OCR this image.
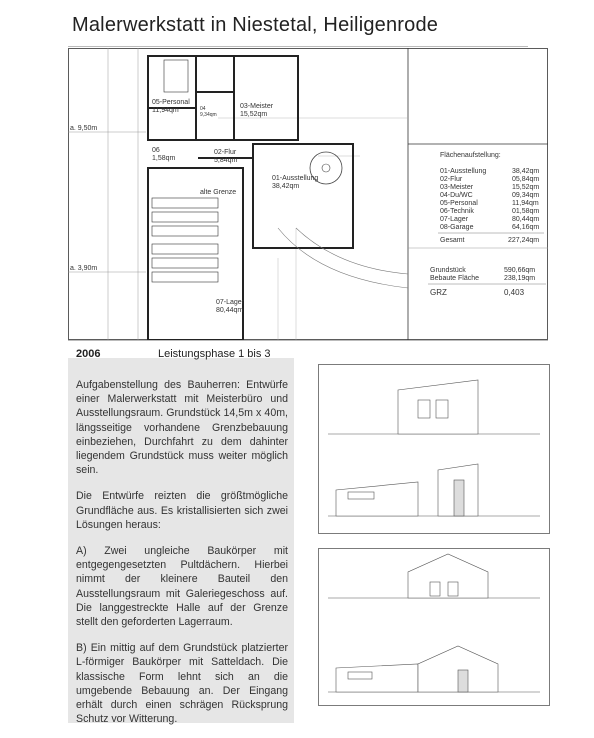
Malerwerkstatt in Niestetal, Heiligenrode
05-Personal
11,94qm
03-Meister
15,52qm
06
1,58qm
02-Flur
5,84qm
01-Ausstellung
38,42qm
07-Lager
80,44qm
9,34qm
04
alte Grenze
a. 9,50m
a. 3,90m
Flächenaufstellung:
01-Ausstellung	38,42qm
02-Flur	05,84qm
03-Meister	15,52qm
04-Du/WC	09,34qm
05-Personal	11,94qm
06-Technik	01,58qm
07-Lager	80,44qm
08-Garage	64,16qm
Gesamt	227,24qm
Grundstück	590,66qm
Bebaute Fläche	238,19qm
GRZ	0,403
2006	Leistungsphase 1 bis 3

Aufgabenstellung des Bauherren: Entwürfe einer Malerwerkstatt mit Meisterbüro und Ausstellungsraum. Grundstück 14,5m x 40m, längsseitige vorhandene Grenzbebauung einbeziehen, Durchfahrt zu dem dahinter liegendem Grundstück muss weiter möglich sein.

Die Entwürfe reizten die größtmögliche Grundfläche aus. Es kristallisierten sich zwei Lösungen heraus:

A) Zwei ungleiche Baukörper mit entgegengesetzten Pultdächern. Hierbei nimmt der kleinere Bauteil den Ausstellungsraum mit Galeriegeschoss auf. Die langgestreckte Halle auf der Grenze stellt den geforderten Lagerraum.

B) Ein mittig auf dem Grundstück platzierter L-förmiger Baukörper mit Satteldach. Die klassische Form lehnt sich an die umgebende Bebauung an. Der Eingang erhält durch einen schrägen Rücksprung Schutz vor Witterung.
